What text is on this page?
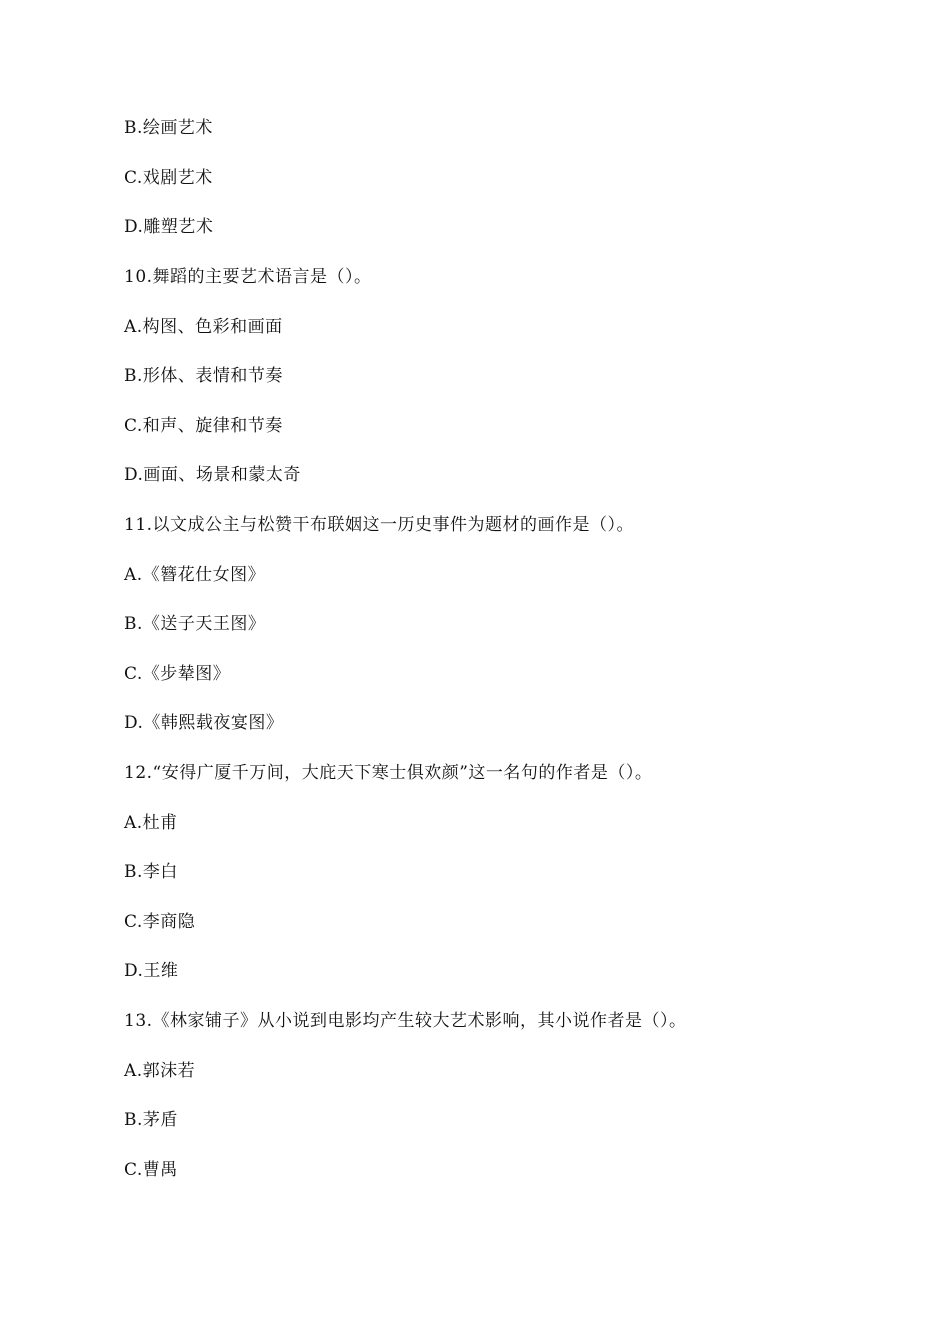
B.绘画艺术
C.戏剧艺术
D.雕塑艺术
10.舞蹈的主要艺术语言是（）。
A.构图、色彩和画面
B.形体、表情和节奏
C.和声、旋律和节奏
D.画面、场景和蒙太奇
11.以文成公主与松赞干布联姻这一历史事件为题材的画作是（）。
A.《簪花仕女图》
B.《送子天王图》
C.《步辇图》
D.《韩熙载夜宴图》
12.“安得广厦千万间，大庇天下寒士俱欢颜”这一名句的作者是（）。
A.杜甫
B.李白
C.李商隐
D.王维
13.《林家铺子》从小说到电影均产生较大艺术影响，其小说作者是（）。
A.郭沫若
B.茅盾
C.曹禺
